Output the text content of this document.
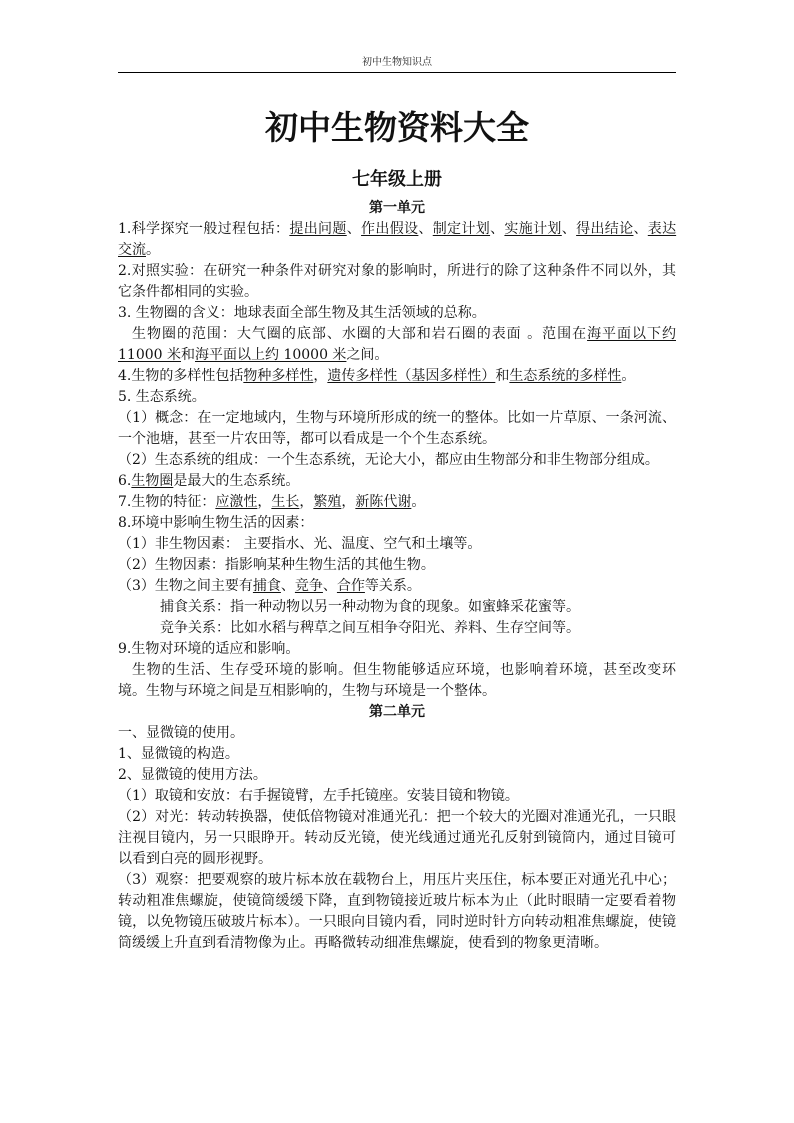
初中生物知识点
初中生物资料大全
七年级上册

第一单元

1.科学探究一般过程包括：提出问题、作出假设、制定计划、实施计划、得出结论、表达交流。

2.对照实验：在研究一种条件对研究对象的影响时，所进行的除了这种条件不同以外，其它条件都相同的实验。

3. 生物圈的含义：地球表面全部生物及其生活领域的总称。

生物圈的范围：大气圈的底部、水圈的大部和岩石圈的表面 。范围在海平面以下约 11000 米和海平面以上约 10000 米之间。

4.生物的多样性包括物种多样性，遗传多样性（基因多样性）和生态系统的多样性。

5. 生态系统。

（1）概念：在一定地域内，生物与环境所形成的统一的整体。比如一片草原、一条河流、一个池塘，甚至一片农田等，都可以看成是一个个生态系统。

（2）生态系统的组成：一个生态系统，无论大小，都应由生物部分和非生物部分组成。

6.生物圈是最大的生态系统。

7.生物的特征：应激性，生长，繁殖，新陈代谢。

8.环境中影响生物生活的因素：

（1）非生物因素： 主要指水、光、温度、空气和土壤等。

（2）生物因素：指影响某种生物生活的其他生物。

（3）生物之间主要有捕食、竞争、合作等关系。

捕食关系：指一种动物以另一种动物为食的现象。如蜜蜂采花蜜等。

竞争关系：比如水稻与稗草之间互相争夺阳光、养料、生存空间等。

9.生物对环境的适应和影响。

生物的生活、生存受环境的影响。但生物能够适应环境，也影响着环境，甚至改变环境。生物与环境之间是互相影响的，生物与环境是一个整体。

第二单元

一、显微镜的使用。

1、显微镜的构造。

2、显微镜的使用方法。

（1）取镜和安放：右手握镜臂，左手托镜座。安装目镜和物镜。

（2）对光：转动转换器，使低倍物镜对准通光孔：把一个较大的光圈对准通光孔，一只眼注视目镜内，另一只眼睁开。转动反光镜，使光线通过通光孔反射到镜筒内，通过目镜可以看到白亮的圆形视野。

（3）观察：把要观察的玻片标本放在载物台上，用压片夹压住，标本要正对通光孔中心；转动粗准焦螺旋，使镜筒缓缓下降，直到物镜接近玻片标本为止（此时眼睛一定要看着物镜，以免物镜压破玻片标本）。一只眼向目镜内看，同时逆时针方向转动粗准焦螺旋，使镜筒缓缓上升直到看清物像为止。再略微转动细准焦螺旋，使看到的物象更清晰。
